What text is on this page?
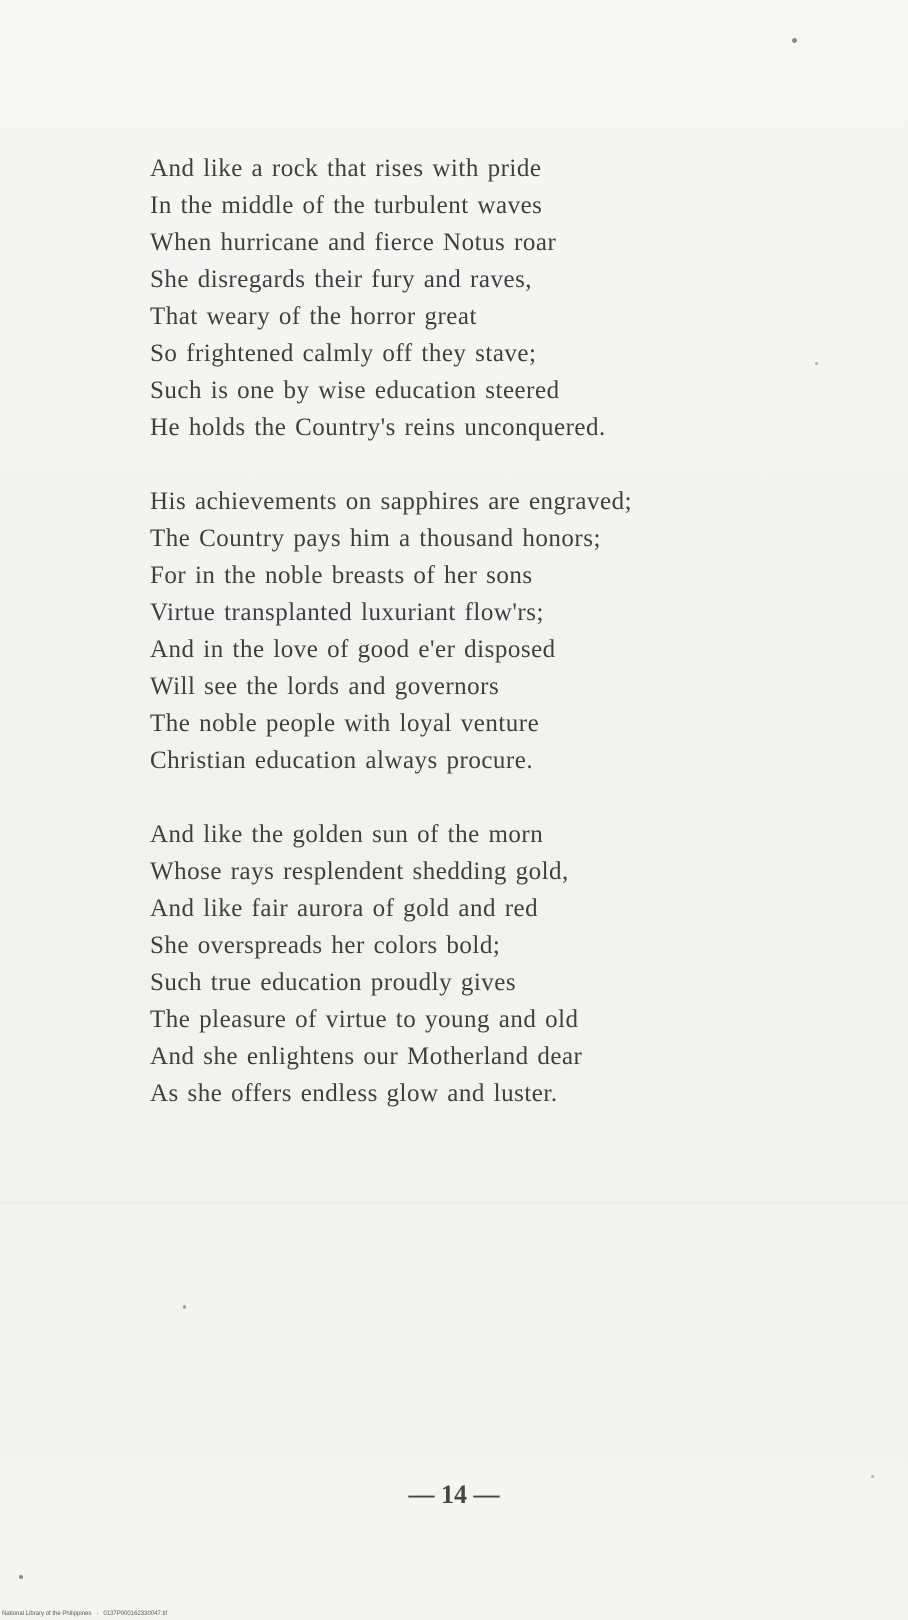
And like a rock that rises with pride
In the middle of the turbulent waves
When hurricane and fierce Notus roar
She disregards their fury and raves,
That weary of the horror great
So frightened calmly off they stave;
Such is one by wise education steered
He holds the Country's reins unconquered.
His achievements on sapphires are engraved;
The Country pays him a thousand honors;
For in the noble breasts of her sons
Virtue transplanted luxuriant flow'rs;
And in the love of good e'er disposed
Will see the lords and governors
The noble people with loyal venture
Christian education always procure.
And like the golden sun of the morn
Whose rays resplendent shedding gold,
And like fair aurora of gold and red
She overspreads her colors bold;
Such true education proudly gives
The pleasure of virtue to young and old
And she enlightens our Motherland dear
As she offers endless glow and luster.
— 14 —
National Library of the Philippines   ·   0137P000162330047.tif
